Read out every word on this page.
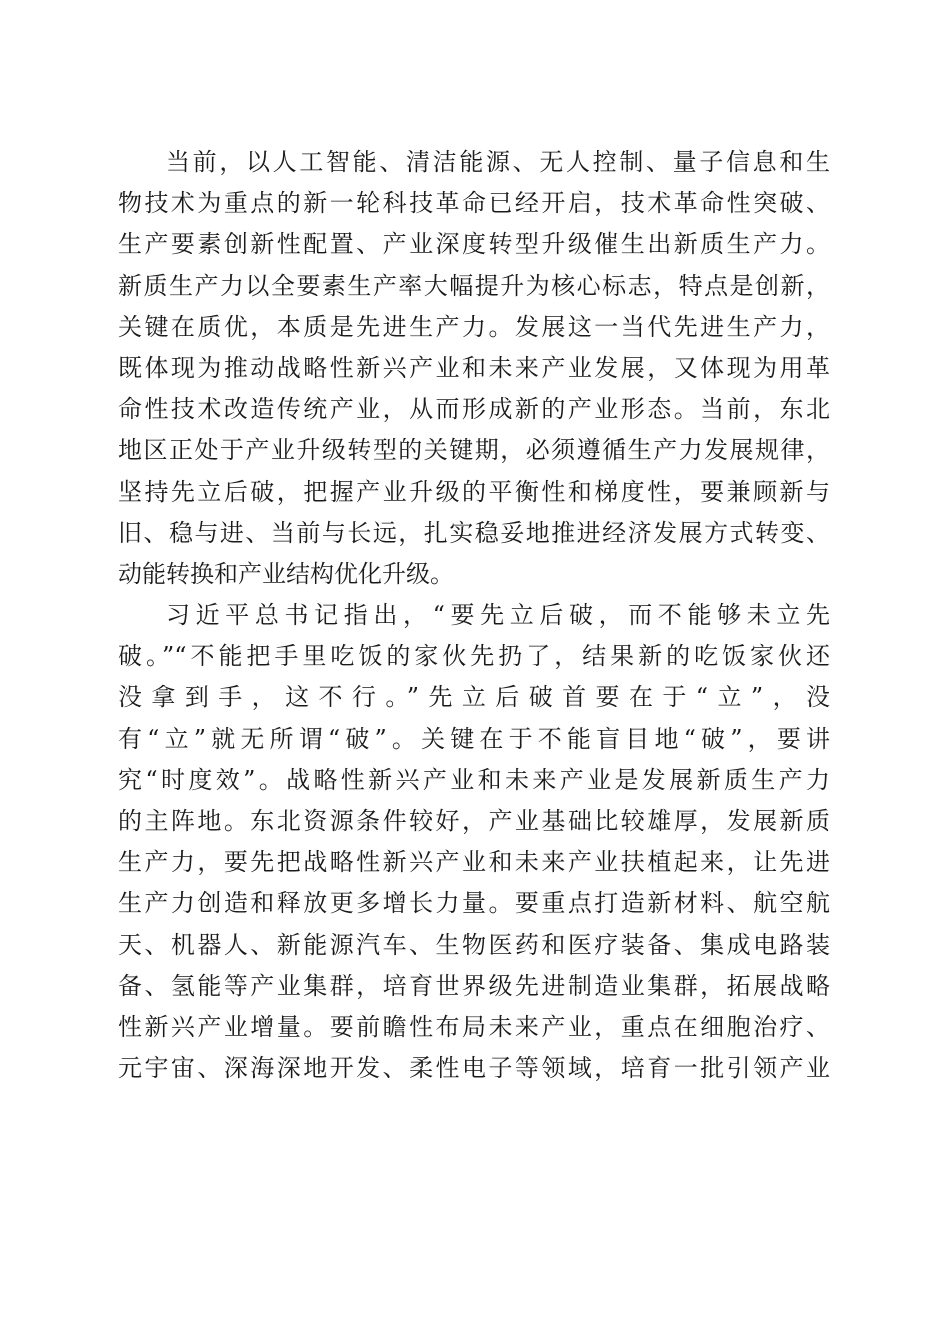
当前，以人工智能、清洁能源、无人控制、量子信息和生
物技术为重点的新一轮科技革命已经开启，技术革命性突破、
生产要素创新性配置、产业深度转型升级催生出新质生产力。
新质生产力以全要素生产率大幅提升为核心标志，特点是创新，
关键在质优，本质是先进生产力。发展这一当代先进生产力，
既体现为推动战略性新兴产业和未来产业发展，又体现为用革
命性技术改造传统产业，从而形成新的产业形态。当前，东北
地区正处于产业升级转型的关键期，必须遵循生产力发展规律，
坚持先立后破，把握产业升级的平衡性和梯度性，要兼顾新与
旧、稳与进、当前与长远，扎实稳妥地推进经济发展方式转变、
动能转换和产业结构优化升级。
习近平总书记指出，“要先立后破，而不能够未立先
破。”“不能把手里吃饭的家伙先扔了，结果新的吃饭家伙还
没拿到手，这不行。”先立后破首要在于“立”，没
有“立”就无所谓“破”。关键在于不能盲目地“破”，要讲
究“时度效”。战略性新兴产业和未来产业是发展新质生产力
的主阵地。东北资源条件较好，产业基础比较雄厚，发展新质
生产力，要先把战略性新兴产业和未来产业扶植起来，让先进
生产力创造和释放更多增长力量。要重点打造新材料、航空航
天、机器人、新能源汽车、生物医药和医疗装备、集成电路装
备、氢能等产业集群，培育世界级先进制造业集群，拓展战略
性新兴产业增量。要前瞻性布局未来产业，重点在细胞治疗、
元宇宙、深海深地开发、柔性电子等领域，培育一批引领产业
